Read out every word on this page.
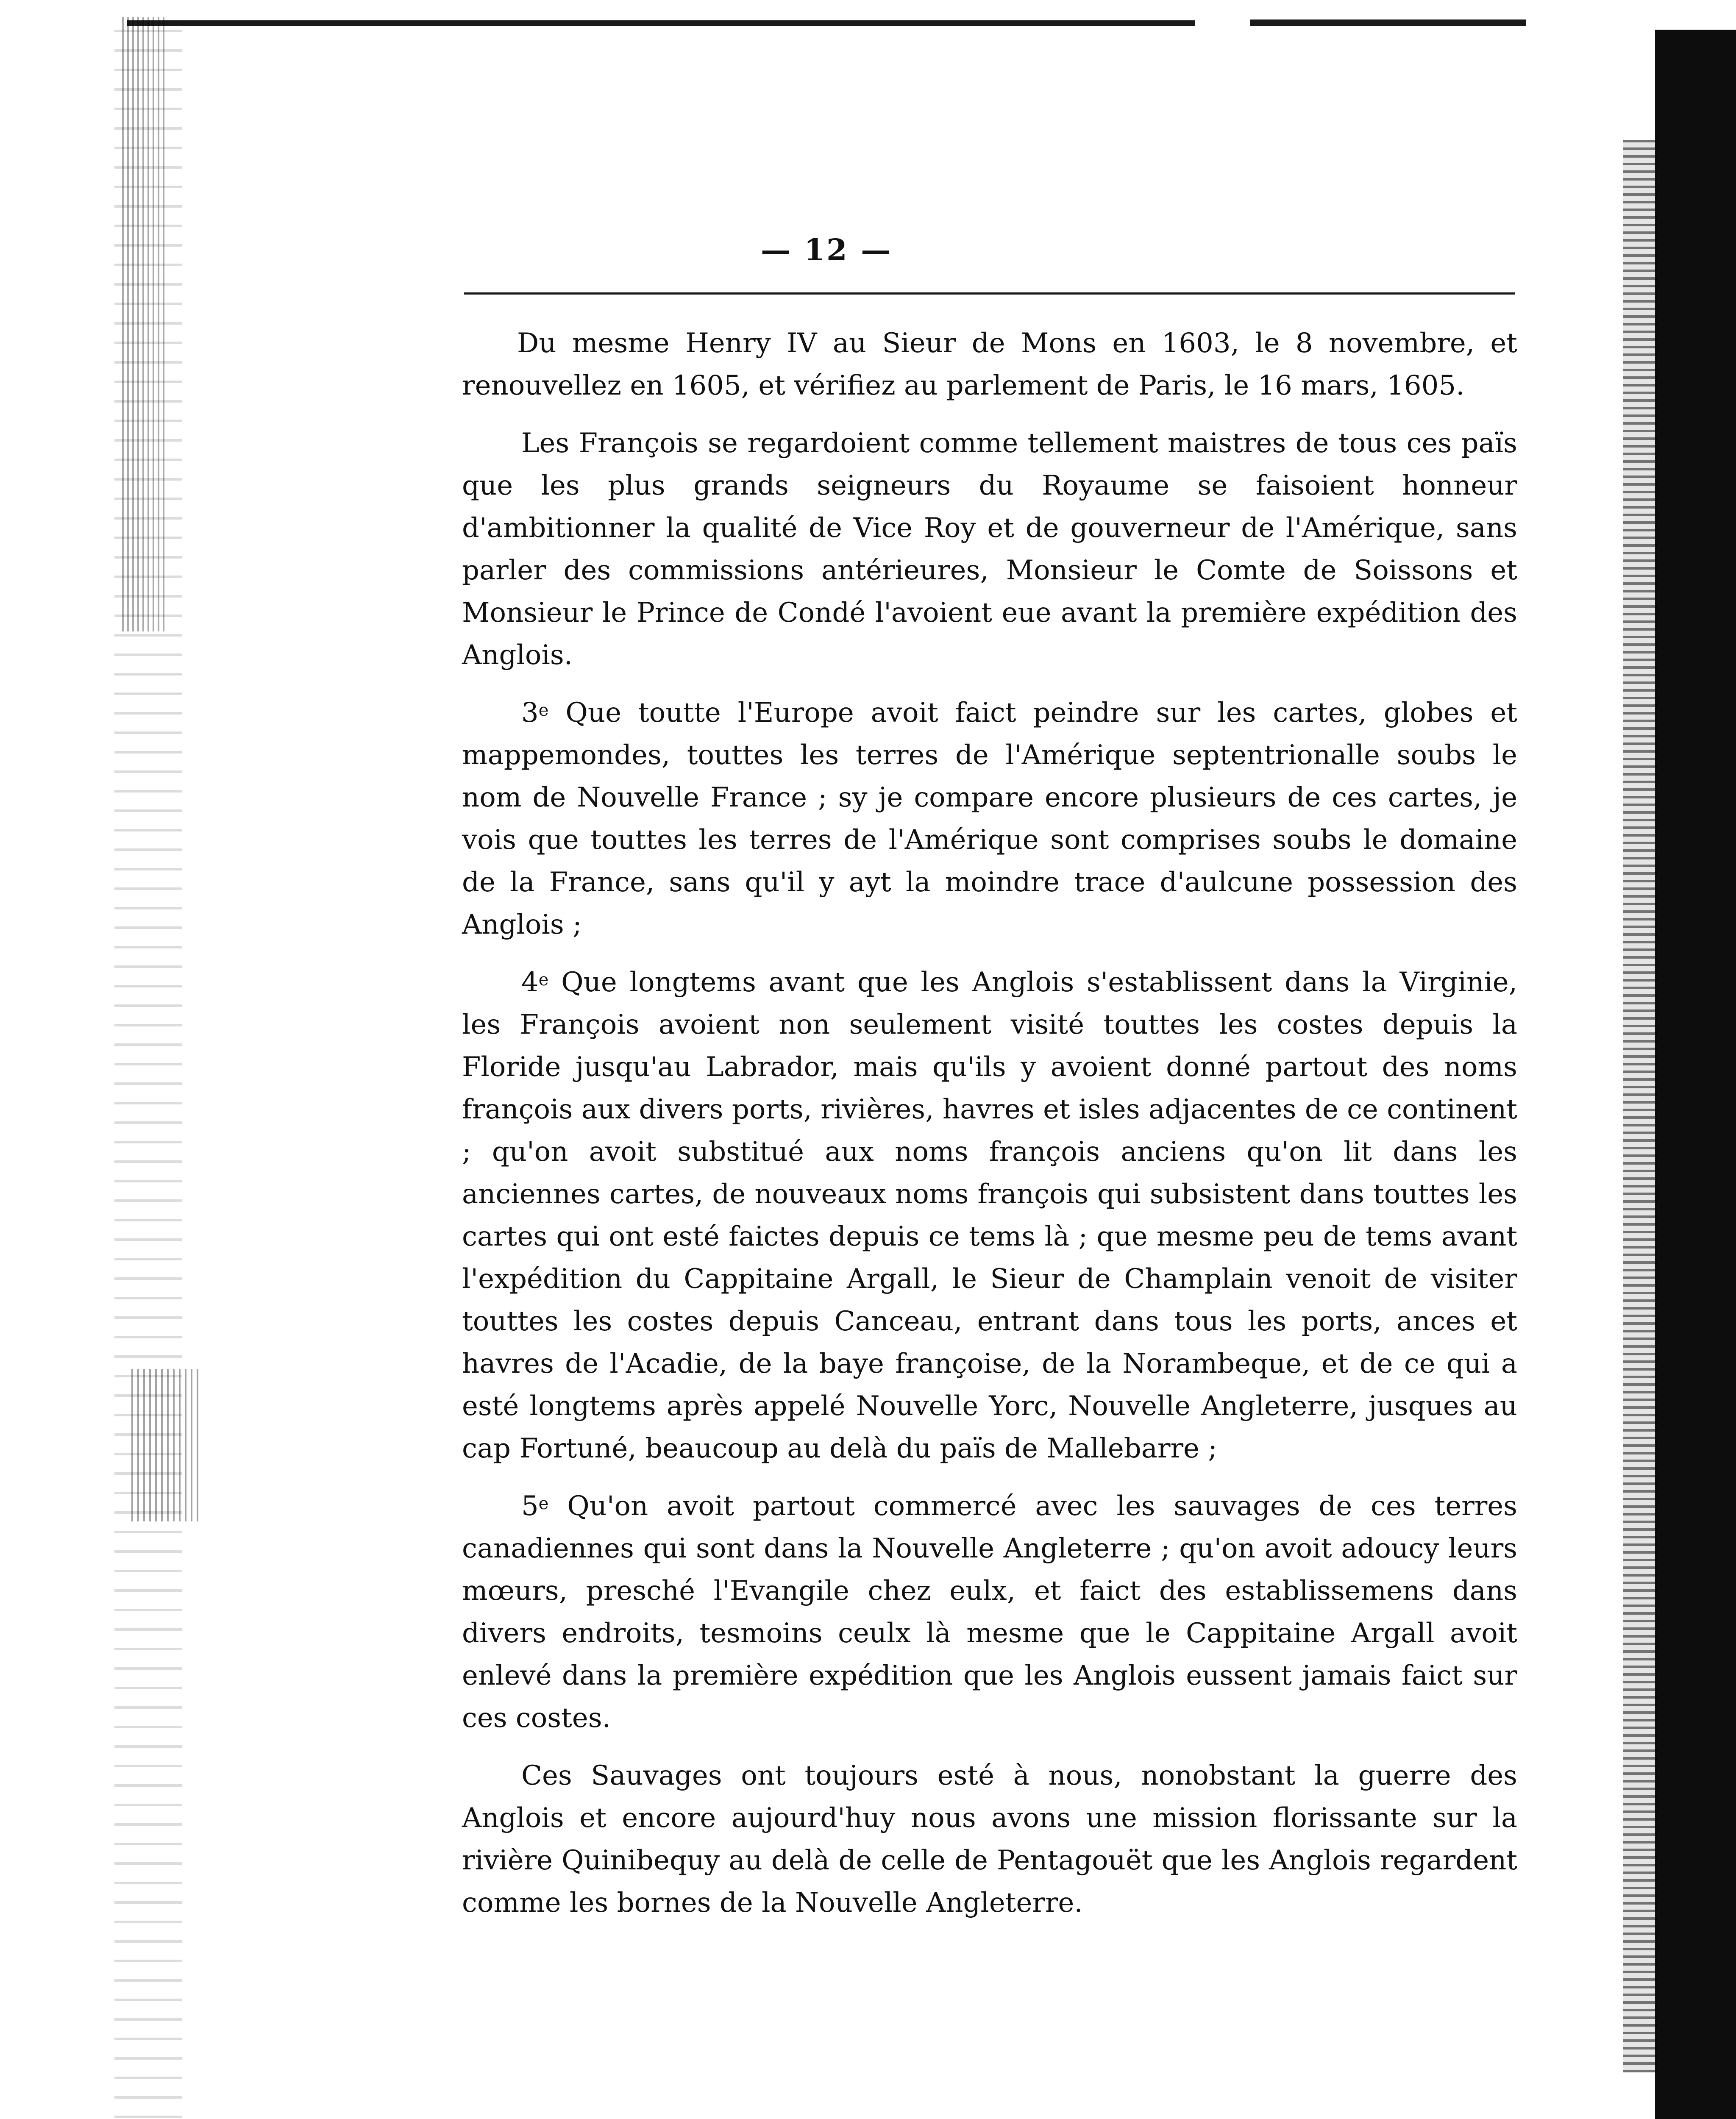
— 12 —

Du mesme Henry IV au Sieur de Mons en 1603, le 8 novembre, et renouvellez en 1605, et vérifiez au parlement de Paris, le 16 mars, 1605.

Les François se regardoient comme tellement maistres de tous ces païs que les plus grands seigneurs du Royaume se faisoient honneur d'ambitionner la qualité de Vice Roy et de gouverneur de l'Amérique, sans parler des commissions antérieures, Monsieur le Comte de Soissons et Monsieur le Prince de Condé l'avoient eue avant la première expédition des Anglois.

3e Que toutte l'Europe avoit faict peindre sur les cartes, globes et mappemondes, touttes les terres de l'Amérique septentrionalle soubs le nom de Nouvelle France ; sy je compare encore plusieurs de ces cartes, je vois que touttes les terres de l'Amérique sont comprises soubs le domaine de la France, sans qu'il y ayt la moindre trace d'aulcune possession des Anglois ;

4e Que longtems avant que les Anglois s'establissent dans la Virginie, les François avoient non seulement visité touttes les costes depuis la Floride jusqu'au Labrador, mais qu'ils y avoient donné partout des noms françois aux divers ports, rivières, havres et isles adjacentes de ce continent ; qu'on avoit substitué aux noms françois anciens qu'on lit dans les anciennes cartes, de nouveaux noms françois qui subsistent dans touttes les cartes qui ont esté faictes depuis ce tems là ; que mesme peu de tems avant l'expédition du Cappitaine Argall, le Sieur de Champlain venoit de visiter touttes les costes depuis Canceau, entrant dans tous les ports, ances et havres de l'Acadie, de la baye françoise, de la Norambeque, et de ce qui a esté longtems après appelé Nouvelle Yorc, Nouvelle Angleterre, jusques au cap Fortuné, beaucoup au delà du païs de Mallebarre ;

5e Qu'on avoit partout commercé avec les sauvages de ces terres canadiennes qui sont dans la Nouvelle Angleterre ; qu'on avoit adoucy leurs mœurs, presché l'Evangile chez eulx, et faict des establissemens dans divers endroits, tesmoins ceulx là mesme que le Cappitaine Argall avoit enlevé dans la première expédition que les Anglois eussent jamais faict sur ces costes.

Ces Sauvages ont toujours esté à nous, nonobstant la guerre des Anglois et encore aujourd'huy nous avons une mission florissante sur la rivière Quinibequy au delà de celle de Pentagouët que les Anglois regardent comme les bornes de la Nouvelle Angleterre.
